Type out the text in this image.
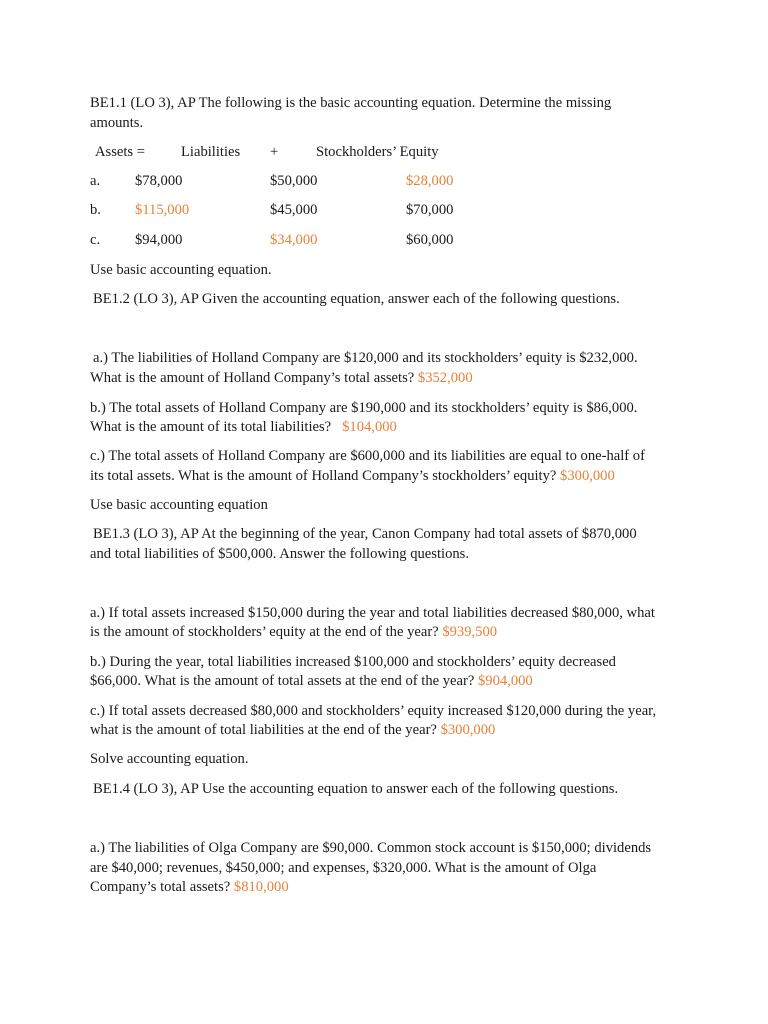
BE1.1 (LO 3), AP The following is the basic accounting equation. Determine the missing
amounts.
Assets = Liabilities +	Stockholders’ Equity
a. $78,000	$50,000	$28,000
b. $115,000	$45,000	$70,000
c. $94,000	$34,000	$60,000
Use basic accounting equation.
BE1.2 (LO 3), AP Given the accounting equation, answer each of the following questions.
a.) The liabilities of Holland Company are $120,000 and its stockholders’ equity is $232,000.
What is the amount of Holland Company’s total assets? $352,000
b.) The total assets of Holland Company are $190,000 and its stockholders’ equity is $86,000.
What is the amount of its total liabilities? $104,000
c.) The total assets of Holland Company are $600,000 and its liabilities are equal to one-half of
its total assets. What is the amount of Holland Company’s stockholders’ equity? $300,000
Use basic accounting equation
BE1.3 (LO 3), AP At the beginning of the year, Canon Company had total assets of $870,000
and total liabilities of $500,000. Answer the following questions.
a.) If total assets increased $150,000 during the year and total liabilities decreased $80,000, what
is the amount of stockholders’ equity at the end of the year? $939,500
b.) During the year, total liabilities increased $100,000 and stockholders’ equity decreased
$66,000. What is the amount of total assets at the end of the year? $904,000
c.) If total assets decreased $80,000 and stockholders’ equity increased $120,000 during the year,
what is the amount of total liabilities at the end of the year? $300,000
Solve accounting equation.
BE1.4 (LO 3), AP Use the accounting equation to answer each of the following questions.
a.) The liabilities of Olga Company are $90,000. Common stock account is $150,000; dividends
are $40,000; revenues, $450,000; and expenses, $320,000. What is the amount of Olga
Company’s total assets? $810,000
